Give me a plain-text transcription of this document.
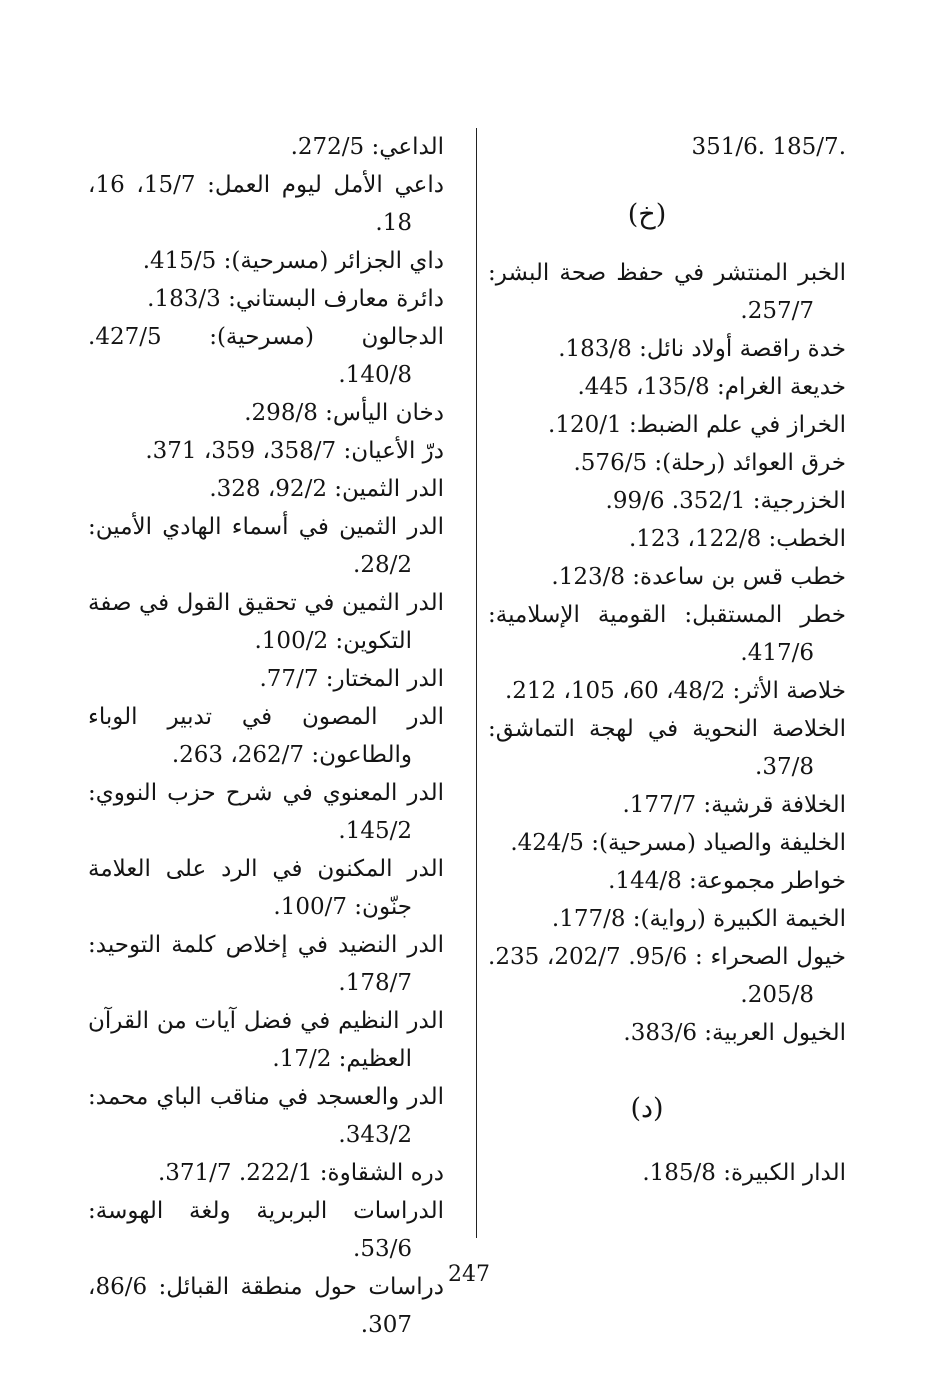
.185/7 .351/6

(خ)

الخبر المنتشر في حفظ صحة البشر: 257/7.

خدة راقصة أولاد نائل: 183/8.

خديعة الغرام: 135/8، 445.

الخراز في علم الضبط: 120/1.

خرق العوائد (رحلة): 576/5.

الخزرجية: 352/1. 99/6.

الخطب: 122/8، 123.

خطب قس بن ساعدة: 123/8.

خطر المستقبل: القومية الإسلامية: 417/6.

خلاصة الأثر: 48/2، 60، 105، 212.

الخلاصة النحوية في لهجة التماشق: 37/8.

الخلافة قرشية: 177/7.

الخليفة والصياد (مسرحية): 424/5.

خواطر مجموعة: 144/8.

الخيمة الكبيرة (رواية): 177/8.

خيول الصحراء : 95/6. 202/7، 235. 205/8.

الخيول العربية: 383/6.

(د)

الدار الكبيرة: 185/8.

الداعي: 272/5.

داعي الأمل ليوم العمل: 15/7، 16، 18.

داي الجزائر (مسرحية): 415/5.

دائرة معارف البستاني: 183/3.

الدجالون (مسرحية): 427/5. 140/8.

دخان اليأس: 298/8.

درّ الأعيان: 358/7، 359، 371.

الدر الثمين: 92/2، 328.

الدر الثمين في أسماء الهادي الأمين: 28/2.

الدر الثمين في تحقيق القول في صفة التكوين: 100/2.

الدر المختار: 77/7.

الدر المصون في تدبير الوباء والطاعون: 262/7، 263.

الدر المعنوي في شرح حزب النووي: 145/2.

الدر المكنون في الرد على العلامة جنّون: 100/7.

الدر النضيد في إخلاص كلمة التوحيد: 178/7.

الدر النظيم في فضل آيات من القرآن العظيم: 17/2.

الدر والعسجد في مناقب الباي محمد: 343/2.

دره الشقاوة: 222/1. 371/7.

الدراسات البربرية ولغة الهوسة: 53/6.

دراسات حول منطقة القبائل: 86/6، 307.

247
